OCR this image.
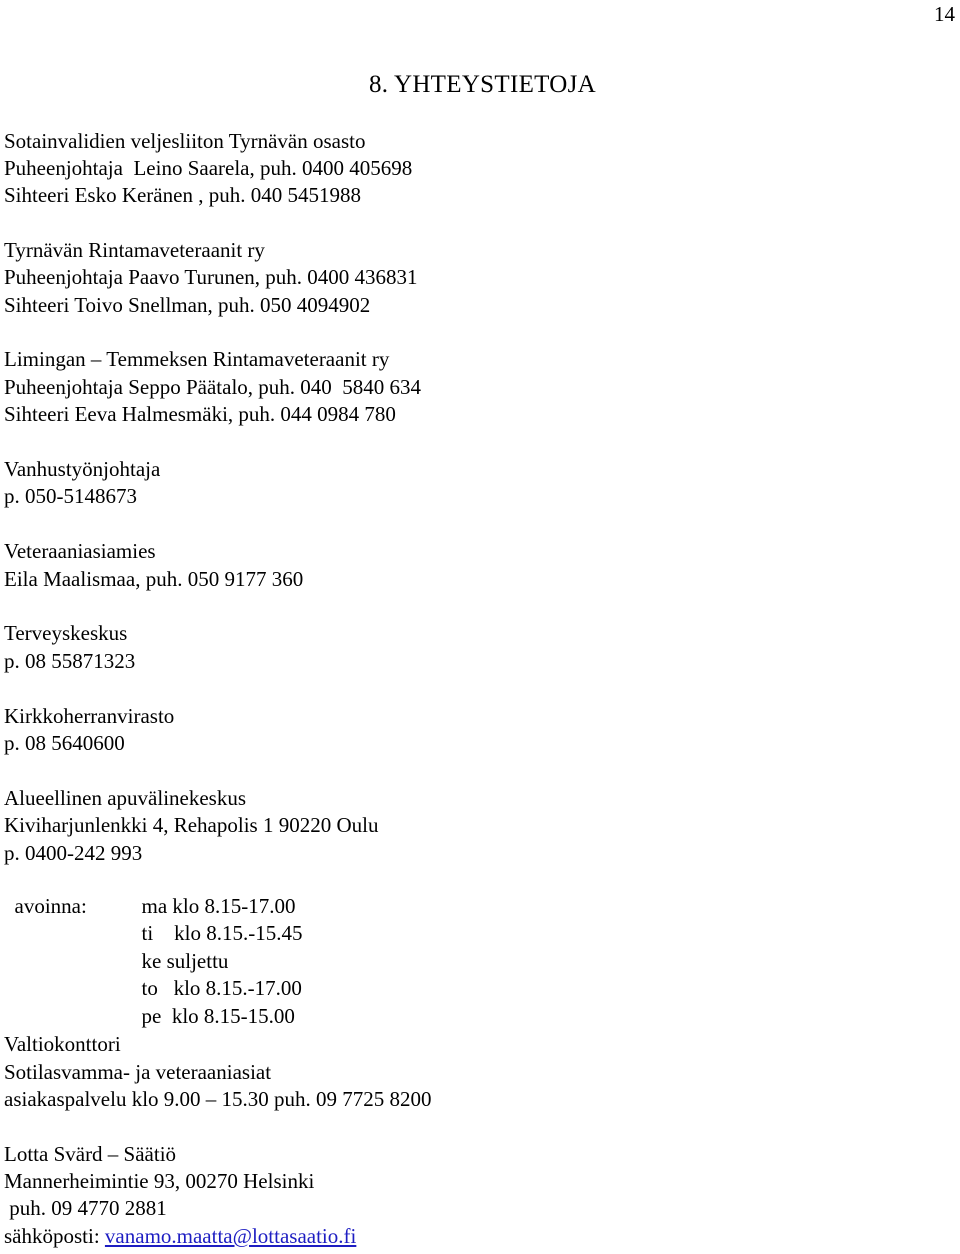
14
8. YHTEYSTIETOJA
Sotainvalidien veljesliiton Tyrnävän osasto
Puheenjohtaja  Leino Saarela, puh. 0400 405698
Sihteeri Esko Keränen , puh. 040 5451988
Tyrnävän Rintamaveteraanit ry
Puheenjohtaja Paavo Turunen, puh. 0400 436831
Sihteeri Toivo Snellman, puh. 050 4094902
Limingan – Temmeksen Rintamaveteraanit ry
Puheenjohtaja Seppo Päätalo, puh. 040  5840 634
Sihteeri Eeva Halmesmäki, puh. 044 0984 780
Vanhustyönjohtaja
p. 050-5148673
Veteraaniasiamies
Eila Maalismaa, puh. 050 9177 360
Terveyskeskus
p. 08 55871323
Kirkkoherranvirasto
p. 08 5640600
Alueellinen apuvälinekeskus
Kiviharjunlenkki 4, Rehapolis 1 90220 Oulu
p. 0400-242 993

avoinna:	ma klo 8.15-17.00

ti    klo 8.15.-15.45

ke suljettu

to   klo 8.15.-17.00

pe  klo 8.15-15.00

Valtiokonttori
Sotilasvamma- ja veteraaniasiat
asiakaspalvelu klo 9.00 – 15.30 puh. 09 7725 8200
Lotta Svärd – Säätiö
Mannerheimintie 93, 00270 Helsinki
puh. 09 4770 2881
sähköposti: vanamo.maatta@lottasaatio.fi
